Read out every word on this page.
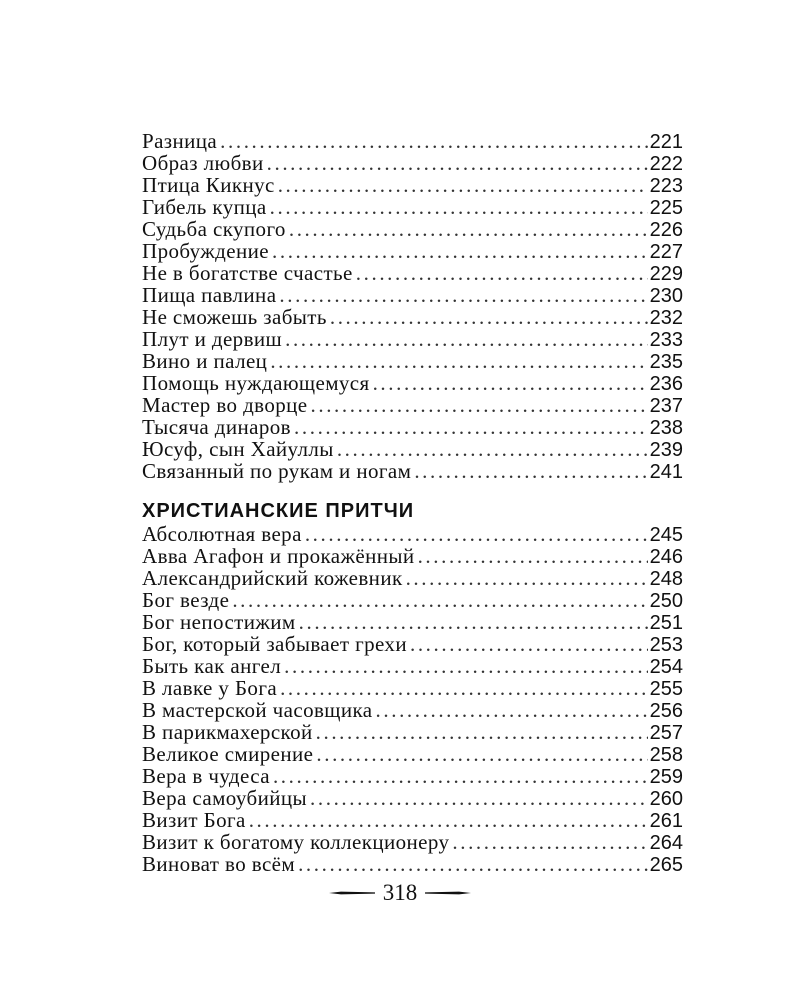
Разница .....	221
Образ любви .....	222
Птица Кикнус .....	223
Гибель купца .....	225
Судьба скупого .....	226
Пробуждение .....	227
Не в богатстве счастье .....	229
Пища павлина .....	230
Не сможешь забыть .....	232
Плут и дервиш .....	233
Вино и палец .....	235
Помощь нуждающемуся .....	236
Мастер во дворце .....	237
Тысяча динаров .....	238
Юсуф, сын Хайуллы .....	239
Связанный по рукам и ногам .....	241
ХРИСТИАНСКИЕ ПРИТЧИ
Абсолютная вера .....	245
Авва Агафон и прокажённый .....	246
Александрийский кожевник .....	248
Бог везде .....	250
Бог непостижим .....	251
Бог, который забывает грехи .....	253
Быть как ангел .....	254
В лавке у Бога .....	255
В мастерской часовщика .....	256
В парикмахерской .....	257
Великое смирение .....	258
Вера в чудеса .....	259
Вера самоубийцы .....	260
Визит Бога .....	261
Визит к богатому коллекционеру .....	264
Виноват во всём .....	265
318
